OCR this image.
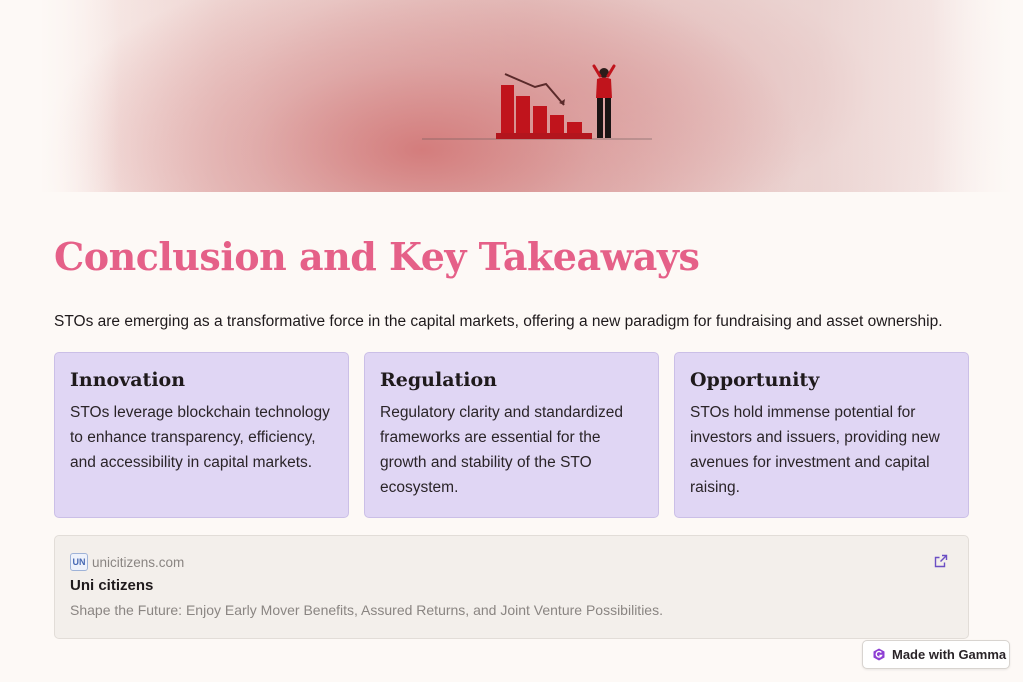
Conclusion and Key Takeaways

STOs are emerging as a transformative force in the capital markets, offering a new paradigm for fundraising and asset ownership.

Innovation

STOs leverage blockchain technology to enhance transparency, efficiency, and accessibility in capital markets.

Regulation

Regulatory clarity and standardized frameworks are essential for the growth and stability of the STO ecosystem.

Opportunity

STOs hold immense potential for investors and issuers, providing new avenues for investment and capital raising.

UN unicitizens.com
Uni citizens
Shape the Future: Enjoy Early Mover Benefits, Assured Returns, and Joint Venture Possibilities.
Made with Gamma
